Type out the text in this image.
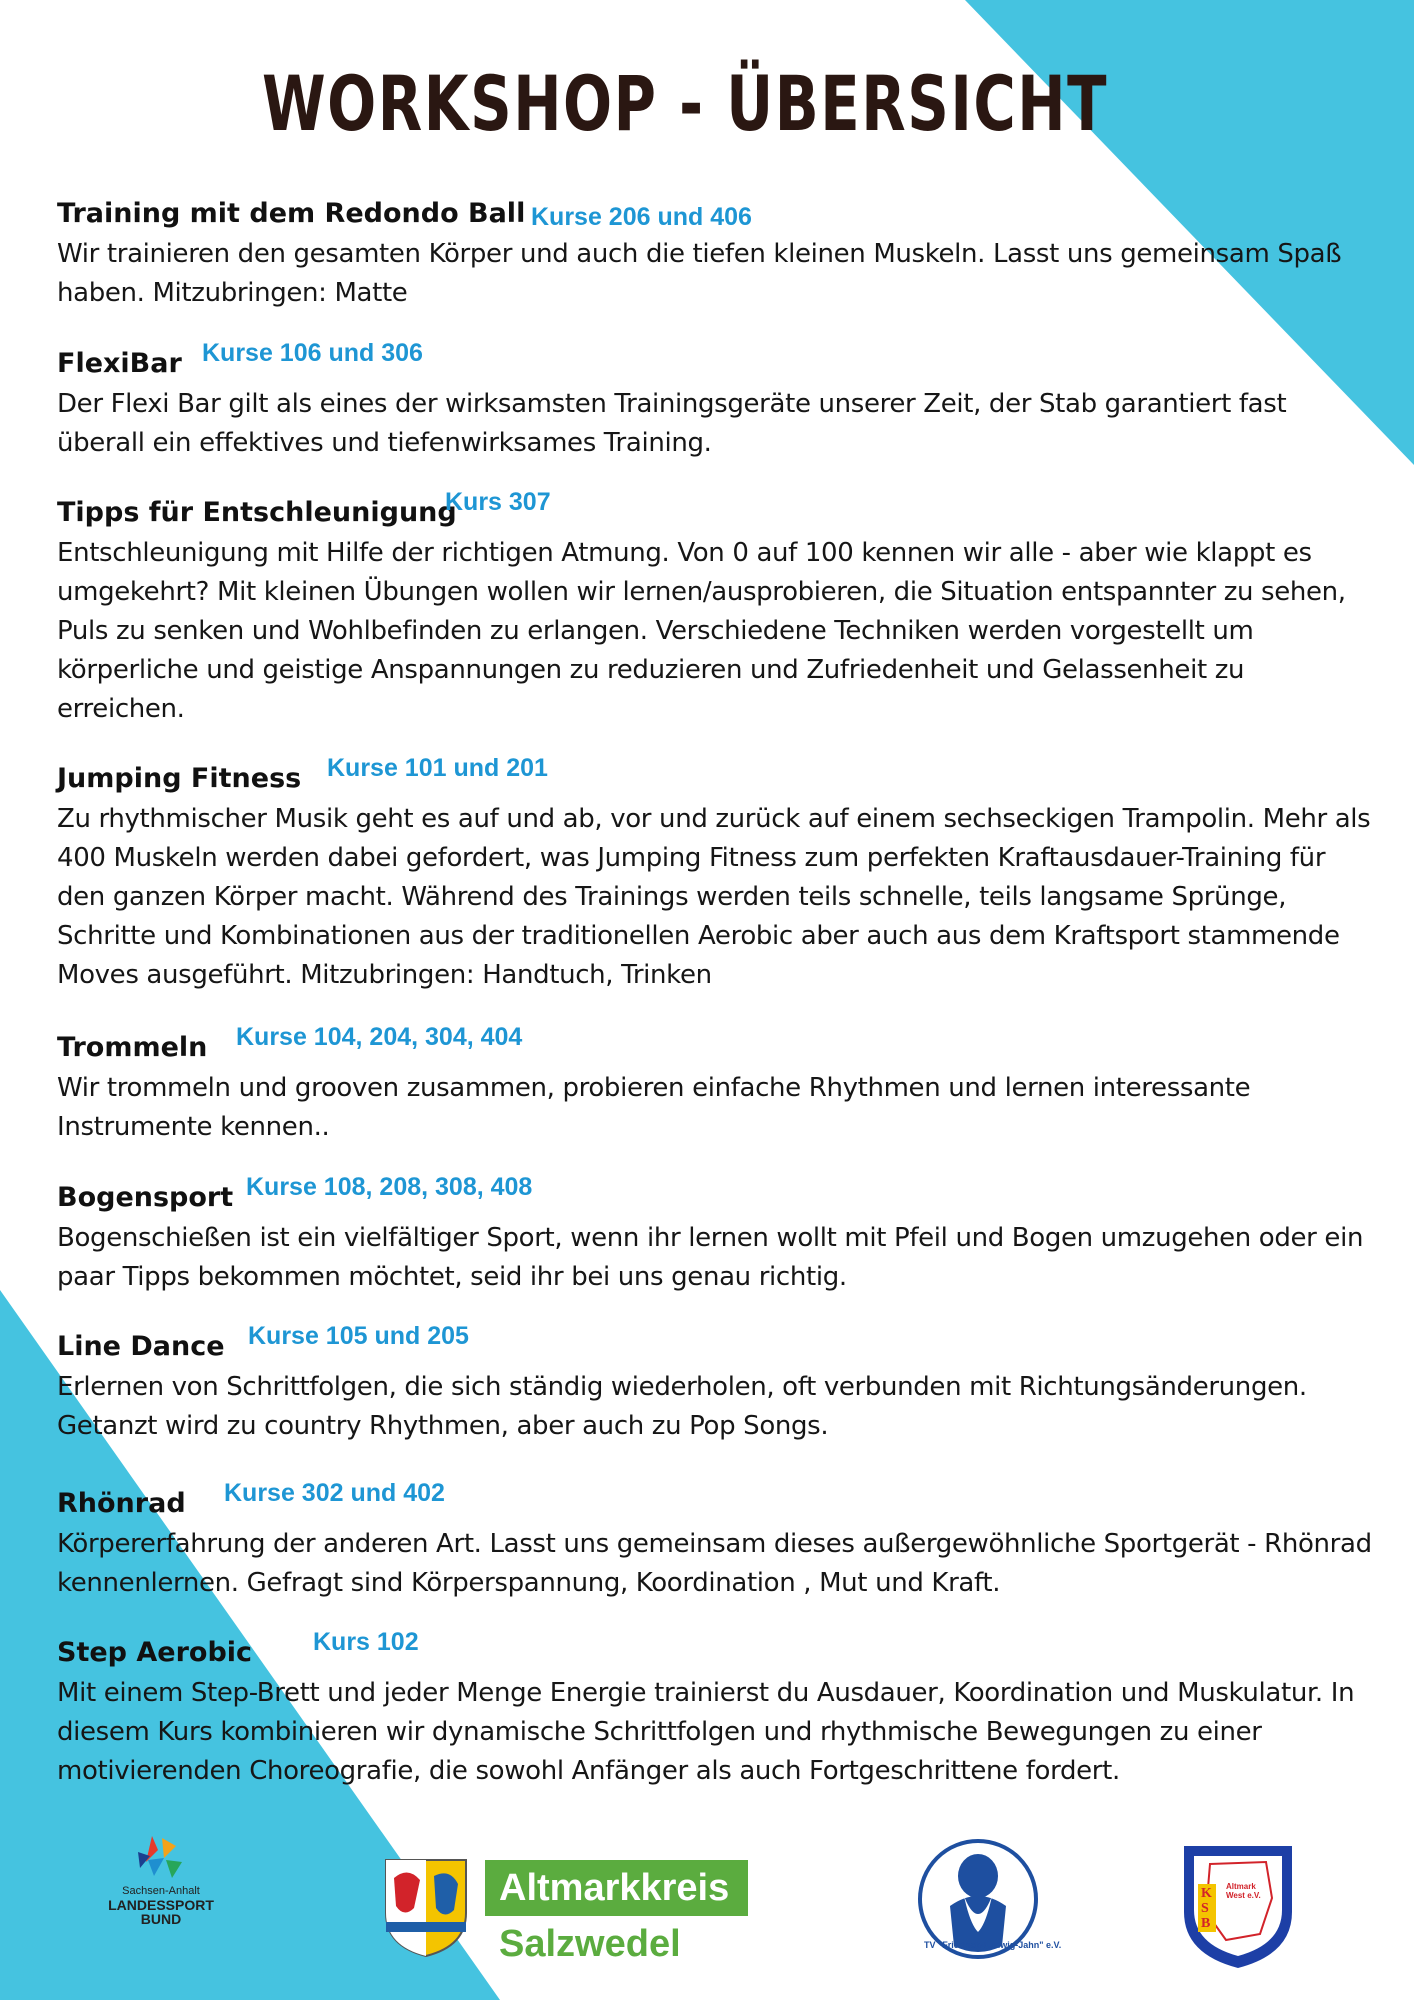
WORKSHOP - ÜBERSICHT
Training mit dem Redondo Ball Kurse 206 und 406

Wir trainieren den gesamten Körper und auch die tiefen kleinen Muskeln. Lasst uns gemeinsam Spaß haben. Mitzubringen: Matte

FlexiBar Kurse 106 und 306

Der Flexi Bar gilt als eines der wirksamsten Trainingsgeräte unserer Zeit, der Stab garantiert fast überall ein effektives und tiefenwirksames Training.

Tipps für Entschleunigung
Kurs 307

Entschleunigung mit Hilfe der richtigen Atmung. Von 0 auf 100 kennen wir alle - aber wie klappt es umgekehrt? Mit kleinen Übungen wollen wir lernen/ausprobieren, die Situation entspannter zu sehen, Puls zu senken und Wohlbefinden zu erlangen. Verschiedene Techniken werden vorgestellt um körperliche und geistige Anspannungen zu reduzieren und Zufriedenheit und Gelassenheit zu erreichen.

Jumping Fitness Kurse 101 und 201

Zu rhythmischer Musik geht es auf und ab, vor und zurück auf einem sechseckigen Trampolin. Mehr als 400 Muskeln werden dabei gefordert, was Jumping Fitness zum perfekten Kraftausdauer-Training für den ganzen Körper macht. Während des Trainings werden teils schnelle, teils langsame Sprünge, Schritte und Kombinationen aus der traditionellen Aerobic aber auch aus dem Kraftsport stammende Moves ausgeführt. Mitzubringen: Handtuch, Trinken

Trommeln Kurse 104, 204, 304, 404

Wir trommeln und grooven zusammen, probieren einfache Rhythmen und lernen interessante Instrumente kennen..

Bogensport Kurse 108, 208, 308, 408

Bogenschießen ist ein vielfältiger Sport, wenn ihr lernen wollt mit Pfeil und Bogen umzugehen oder ein paar Tipps bekommen möchtet, seid ihr bei uns genau richtig.

Line Dance Kurse 105 und 205

Erlernen von Schrittfolgen, die sich ständig wiederholen, oft verbunden mit Richtungsänderungen. Getanzt wird zu country Rhythmen, aber auch zu Pop Songs.

Rhönrad Kurse 302 und 402

Körpererfahrung der anderen Art. Lasst uns gemeinsam dieses außergewöhnliche Sportgerät - Rhönrad kennenlernen. Gefragt sind Körperspannung, Koordination , Mut und Kraft.

Step Aerobic Kurs 102

Mit einem Step-Brett und jeder Menge Energie trainierst du Ausdauer, Koordination und Muskulatur. In diesem Kurs kombinieren wir dynamische Schrittfolgen und rhythmische Bewegungen zu einer motivierenden Choreografie, die sowohl Anfänger als auch Fortgeschrittene fordert.

Sachsen-Anhalt
LANDESSPORT
BUND
Altmarkkreis
Salzwedel	TV "Friedrich-Ludwig-Jahn" e.V.
KSB
Altmark West e.V.
